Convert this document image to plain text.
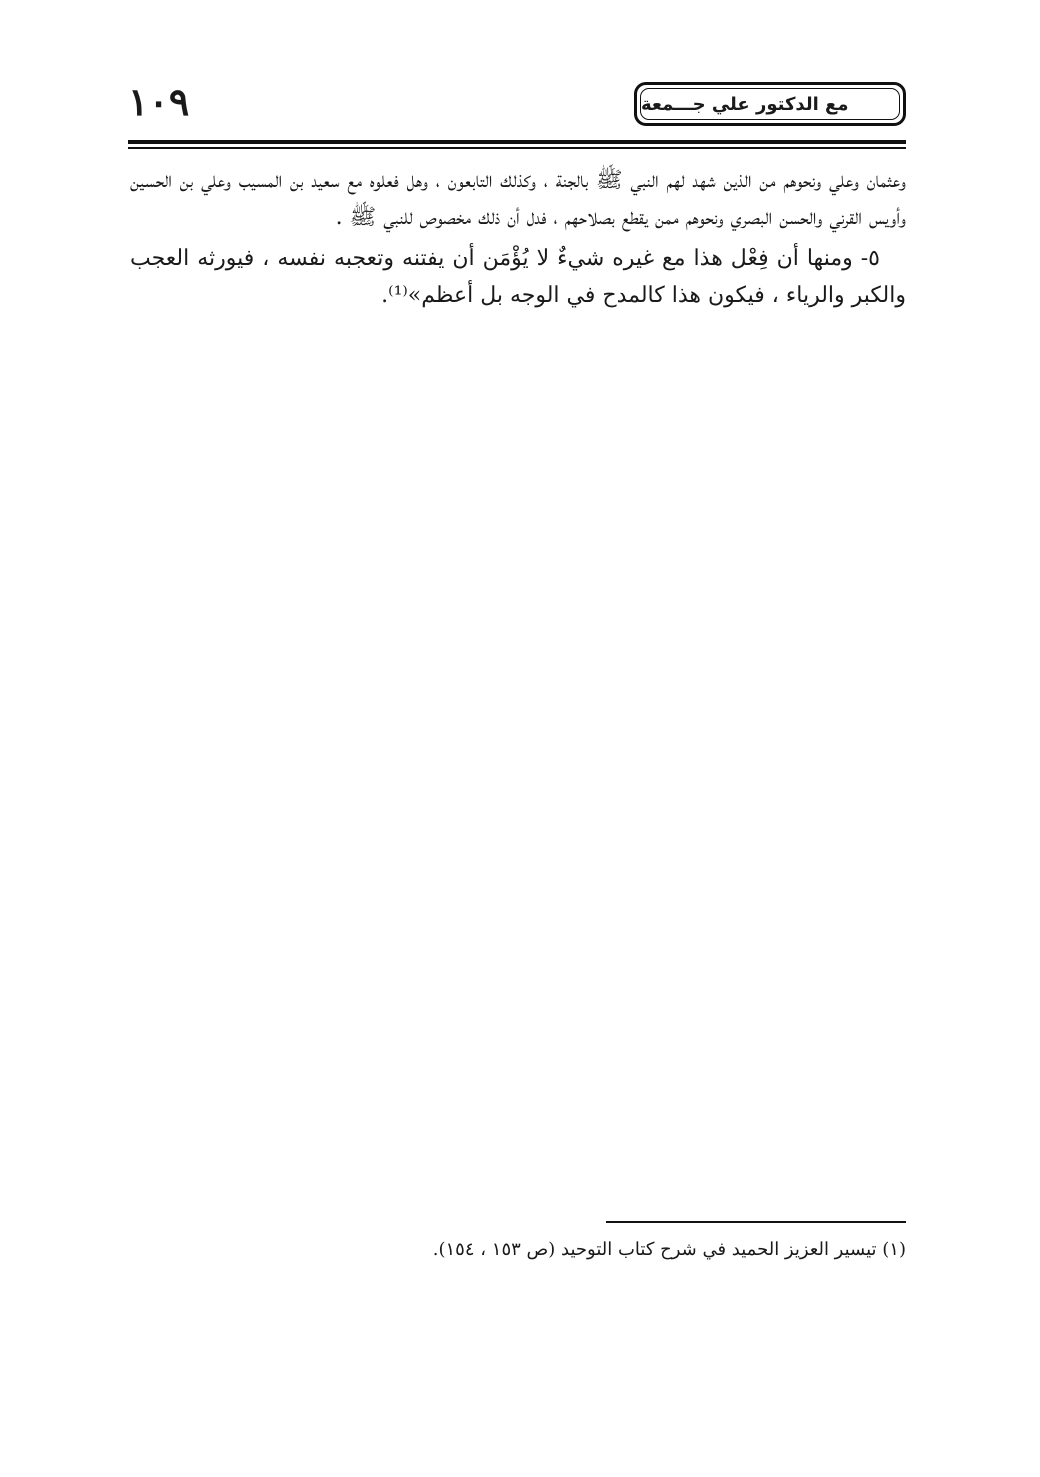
١٠٩	مع الدكتور علي جـــمعة

وعثمان وعلي ونحوهم من الذين شهد لهم النبي ﷺ بالجنة ، وكذلك التابعون ، وهل فعلوه مع سعيد بن المسيب وعلي بن الحسين وأويس القرني والحسن البصري ونحوهم ممن يقطع بصلاحهم ، فدل أن ذلك مخصوص للنبي ﷺ .

٥- ومنها أن فِعْل هذا مع غيره شيءٌ لا يُؤْمَن أن يفتنه وتعجبه نفسه ، فيورثه العجب والكبر والرياء ، فيكون هذا كالمدح في الوجه بل أعظم»⁽¹⁾.

(١) تيسير العزيز الحميد في شرح كتاب التوحيد (ص ١٥٣ ، ١٥٤).
